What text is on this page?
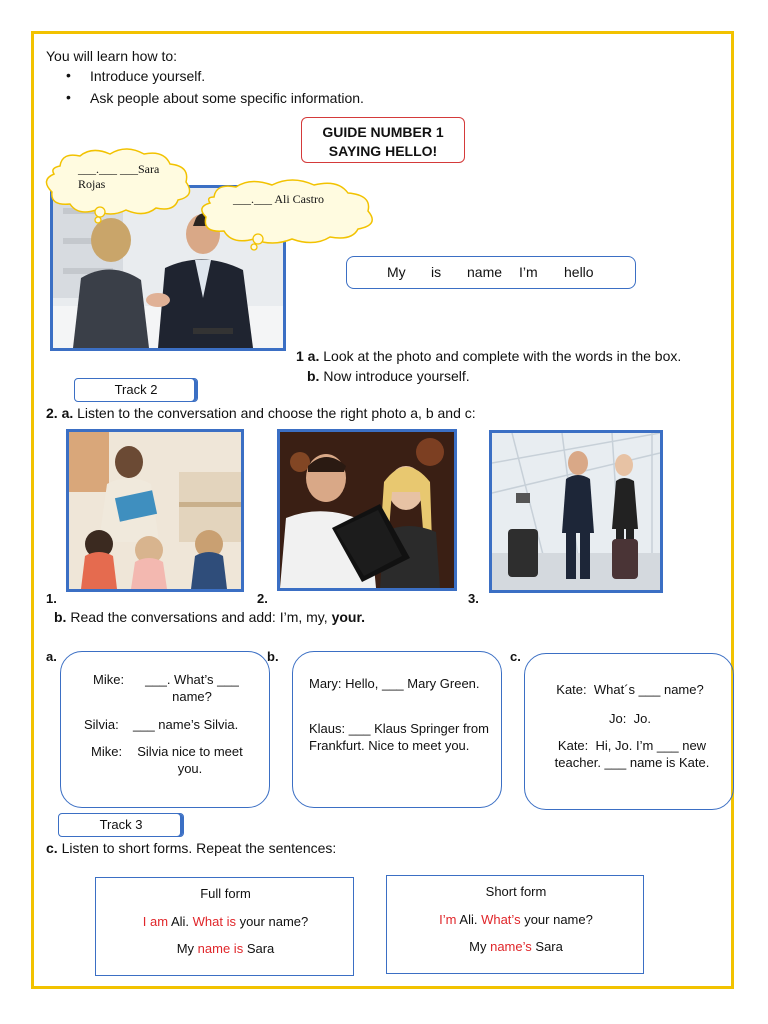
You will learn how to:
• Introduce yourself.
• Ask people about some specific information.
GUIDE NUMBER 1
SAYING HELLO!
___.___ ___Sara Rojas
___.___ Ali Castro
My is name I’m hello
1 a. Look at the photo and complete with the words in the box.
b. Now introduce yourself.
Track 2
2. a. Listen to the conversation and choose the right photo a, b and c:
1.	2.	3.
b. Read the conversations and add: I’m, my, your.
a.	b.	c.
Mike:	___. What’s ___ name?
Silvia: ___ name’s Silvia.
Mike:	Silvia nice to meet you.
Mary: Hello, ___ Mary Green.
Klaus: ___ Klaus Springer from Frankfurt. Nice to meet you.
Kate: What´s ___ name?
Jo: Jo.
Kate: Hi, Jo. I’m ___ new teacher. ___ name is Kate.
Track 3
c. Listen to short forms. Repeat the sentences:
Full form
I am Ali. What is your name?
My name is Sara
Short form
I’m Ali. What’s your name?
My name’s Sara
